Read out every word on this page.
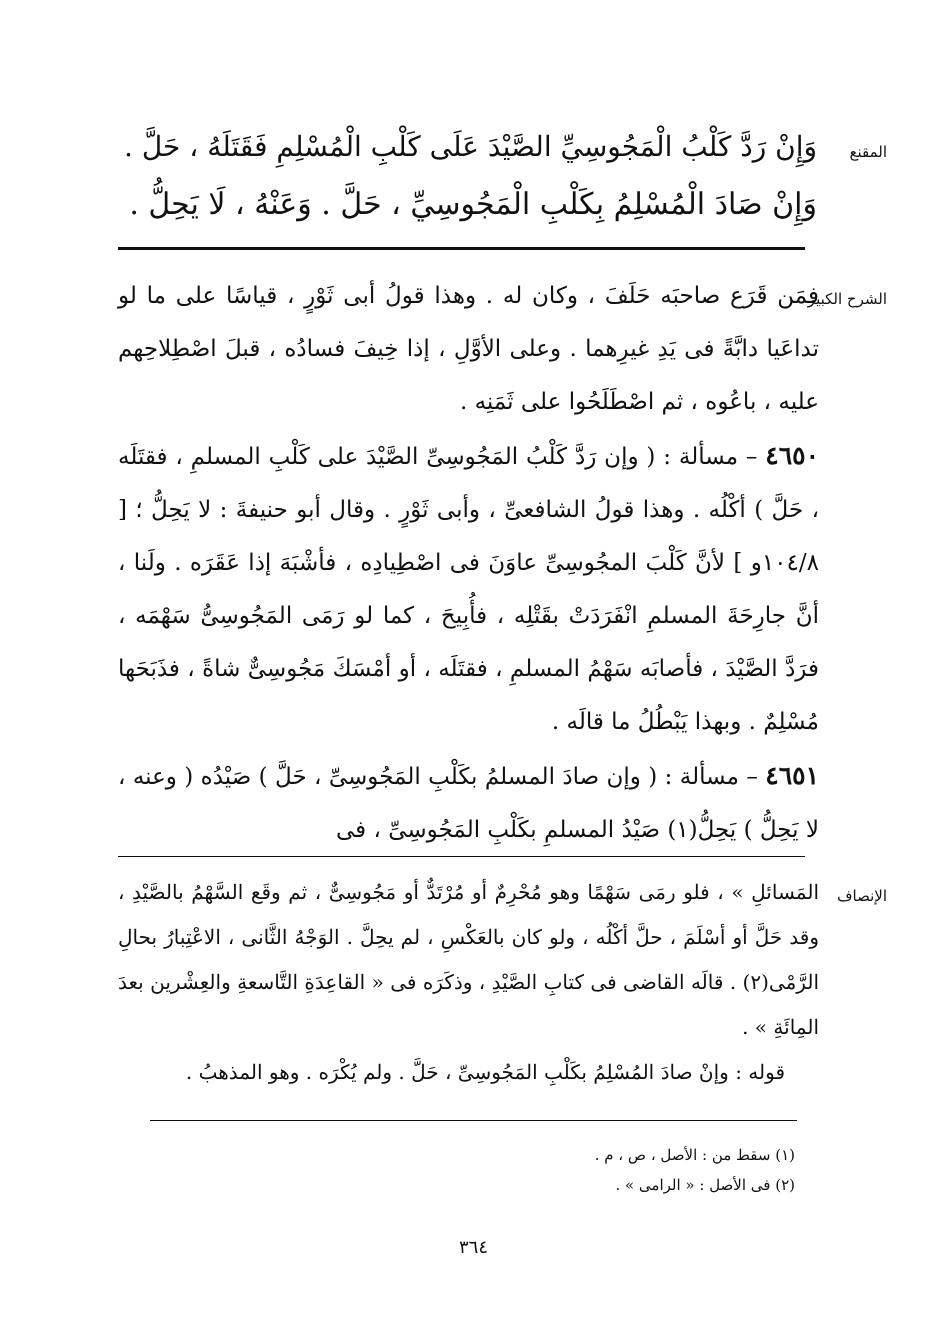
المقنع
وَإِنْ رَدَّ كَلْبُ الْمَجُوسِيِّ الصَّيْدَ عَلَى كَلْبِ الْمُسْلِمِ فَقَتَلَهُ ، حَلَّ .
وَإِنْ صَادَ الْمُسْلِمُ بِكَلْبِ الْمَجُوسِيِّ ، حَلَّ . وَعَنْهُ ، لَا يَحِلُّ .
الشرح الكبير

فمَن قَرَع صاحبَه حَلَفَ ، وكان له . وهذا قولُ أبى ثَوْرٍ ، قياسًا على ما لو تداعَيا دابَّةً فى يَدِ غيرِهما . وعلى الأوَّلِ ، إذا خِيفَ فسادُه ، قبلَ اصْطِلاحِهم عليه ، باعُوه ، ثم اصْطَلَحُوا على ثَمَنِه .

٤٦٥٠ – مسألة : ( وإن رَدَّ كَلْبُ المَجُوسِىِّ الصَّيْدَ على كَلْبِ المسلمِ ، فقتَلَه ، حَلَّ ) أكْلُه . وهذا قولُ الشافعىِّ ، وأبى ثَوْرٍ . وقال أبو حنيفةَ : لا يَحِلُّ ؛ [ ١٠٤/٨و ] لأنَّ كَلْبَ المجُوسِىِّ عاوَنَ فى اصْطِيادِه ، فأشْبَهَ إذا عَقَرَه . ولَنا ، أنَّ جارِحَةَ المسلمِ انْفَرَدَتْ بقَتْلِه ، فأُبِيحَ ، كما لو رَمَى المَجُوسِىُّ سَهْمَه ، فرَدَّ الصَّيْدَ ، فأصابَه سَهْمُ المسلمِ ، فقتَلَه ، أو أمْسَكَ مَجُوسِىٌّ شاةً ، فذَبَحَها مُسْلِمٌ . وبهذا يَبْطُلُ ما قالَه .

٤٦٥١ – مسألة : ( وإن صادَ المسلمُ بكَلْبِ المَجُوسِىِّ ، حَلَّ ) صَيْدُه ( وعنه ، لا يَحِلُّ ) يَحِلُّ(١) صَيْدُ المسلمِ بكَلْبِ المَجُوسِىِّ ، فى

الإنصاف

المَسائلِ » ، فلو رمَى سَهْمًا وهو مُحْرِمٌ أو مُرْتَدٌّ أو مَجُوسِىٌّ ، ثم وقَع السَّهْمُ بالصَّيْدِ ، وقد حَلَّ أو أسْلَمَ ، حلَّ أكْلُه ، ولو كان بالعَكْسِ ، لم يحِلَّ . الوَجْهُ الثَّانى ، الاعْتِبارُ بحالِ الرَّمْى(٢) . قالَه القاضى فى كتابِ الصَّيْدِ ، وذكَرَه فى « القاعِدَةِ التَّاسعةِ والعِشْرين بعدَ المِائَةِ » .

قوله : وإنْ صادَ المُسْلِمُ بكَلْبِ المَجُوسِىِّ ، حَلَّ . ولم يُكْرَه . وهو المذهبُ .

(١) سقط من : الأصل ، ص ، م .

(٢) فى الأصل : « الرامى » .

٣٦٤
